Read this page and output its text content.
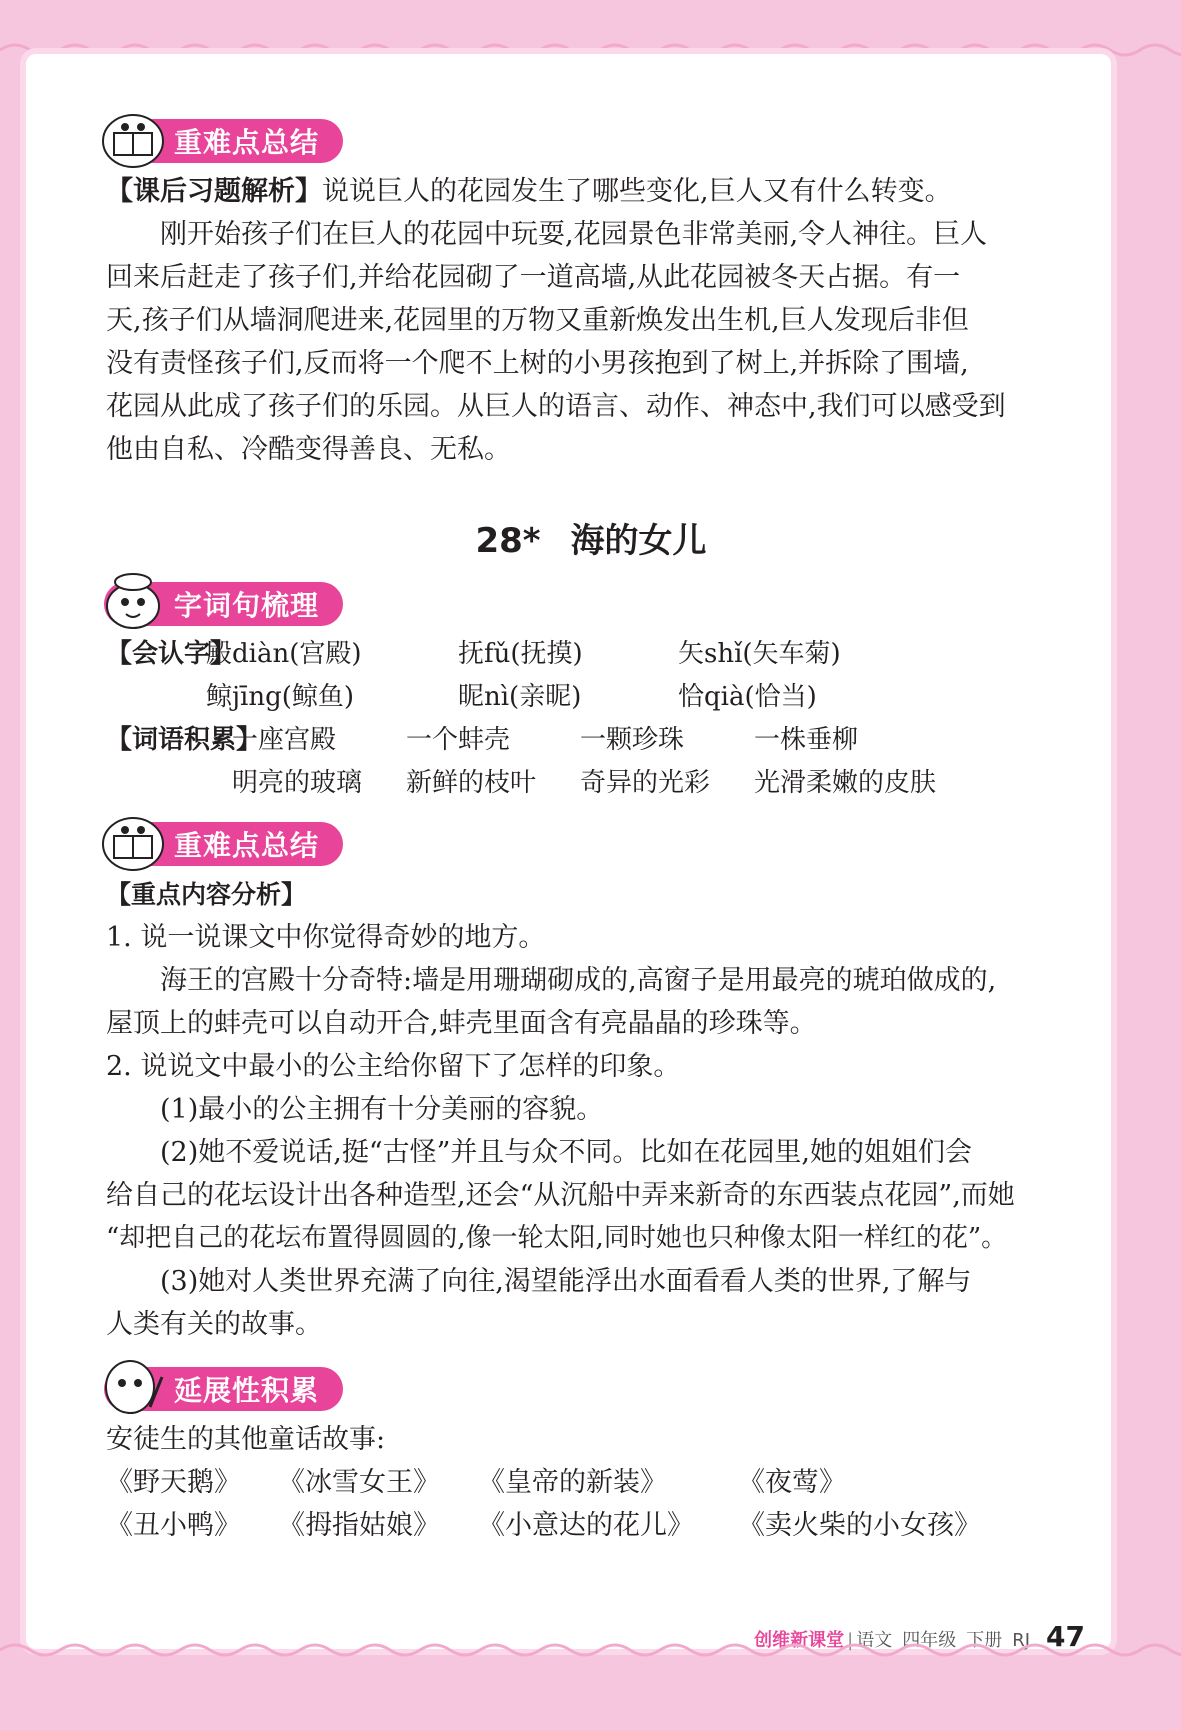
重难点总结
【课后习题解析】说说巨人的花园发生了哪些变化,巨人又有什么转变。
刚开始孩子们在巨人的花园中玩耍,花园景色非常美丽,令人神往。巨人
回来后赶走了孩子们,并给花园砌了一道高墙,从此花园被冬天占据。有一
天,孩子们从墙洞爬进来,花园里的万物又重新焕发出生机,巨人发现后非但
没有责怪孩子们,反而将一个爬不上树的小男孩抱到了树上,并拆除了围墙,
花园从此成了孩子们的乐园。从巨人的语言、动作、神态中,我们可以感受到
他由自私、冷酷变得善良、无私。
28* 海的女儿
字词句梳理
【会认字】
殿diàn(宫殿)	抚fǔ(抚摸)	矢shǐ(矢车菊)
鲸jīng(鲸鱼)	昵nì(亲昵)	恰qià(恰当)
【词语积累】
一座宫殿	一个蚌壳	一颗珍珠	一株垂柳
明亮的玻璃	新鲜的枝叶	奇异的光彩	光滑柔嫩的皮肤
重难点总结
【重点内容分析】
1. 说一说课文中你觉得奇妙的地方。
海王的宫殿十分奇特:墙是用珊瑚砌成的,高窗子是用最亮的琥珀做成的,
屋顶上的蚌壳可以自动开合,蚌壳里面含有亮晶晶的珍珠等。
2. 说说文中最小的公主给你留下了怎样的印象。
(1)最小的公主拥有十分美丽的容貌。
(2)她不爱说话,挺“古怪”并且与众不同。比如在花园里,她的姐姐们会
给自己的花坛设计出各种造型,还会“从沉船中弄来新奇的东西装点花园”,而她
“却把自己的花坛布置得圆圆的,像一轮太阳,同时她也只种像太阳一样红的花”。
(3)她对人类世界充满了向往,渴望能浮出水面看看人类的世界,了解与
人类有关的故事。
延展性积累
安徒生的其他童话故事:
《野天鹅》	《冰雪女王》	《皇帝的新装》	《夜莺》
《丑小鸭》	《拇指姑娘》	《小意达的花儿》	《卖火柴的小女孩》
创维新课堂 | 语文 四年级 下册 RJ 47
